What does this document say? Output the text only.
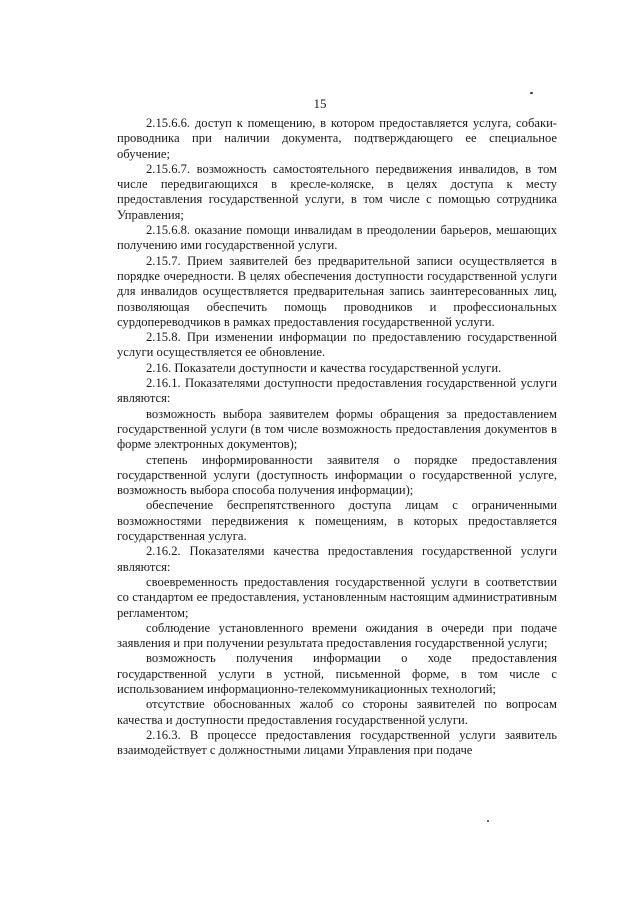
15

2.15.6.6. доступ к помещению, в котором предоставляется услуга, собаки-проводника при наличии документа, подтверждающего ее специальное обучение;

2.15.6.7. возможность самостоятельного передвижения инвалидов, в том числе передвигающихся в кресле-коляске, в целях доступа к месту предоставления государственной услуги, в том числе с помощью сотрудника Управления;

2.15.6.8. оказание помощи инвалидам в преодолении барьеров, мешающих получению ими государственной услуги.

2.15.7. Прием заявителей без предварительной записи осуществляется в порядке очередности. В целях обеспечения доступности государственной услуги для инвалидов осуществляется предварительная запись заинтересованных лиц, позволяющая обеспечить помощь проводников и профессиональных сурдопереводчиков в рамках предоставления государственной услуги.

2.15.8. При изменении информации по предоставлению государственной услуги осуществляется ее обновление.

2.16. Показатели доступности и качества государственной услуги.

2.16.1. Показателями доступности предоставления государственной услуги являются:

возможность выбора заявителем формы обращения за предоставлением государственной услуги (в том числе возможность предоставления документов в форме электронных документов);

степень информированности заявителя о порядке предоставления государственной услуги (доступность информации о государственной услуге, возможность выбора способа получения информации);

обеспечение беспрепятственного доступа лицам с ограниченными возможностями передвижения к помещениям, в которых предоставляется государственная услуга.

2.16.2. Показателями качества предоставления государственной услуги являются:

своевременность предоставления государственной услуги в соответствии со стандартом ее предоставления, установленным настоящим административным регламентом;

соблюдение установленного времени ожидания в очереди при подаче заявления и при получении результата предоставления государственной услуги;

возможность получения информации о ходе предоставления государственной услуги в устной, письменной форме, в том числе с использованием информационно-телекоммуникационных технологий;

отсутствие обоснованных жалоб со стороны заявителей по вопросам качества и доступности предоставления государственной услуги.

2.16.3. В процессе предоставления государственной услуги заявитель взаимодействует с должностными лицами Управления при подаче
